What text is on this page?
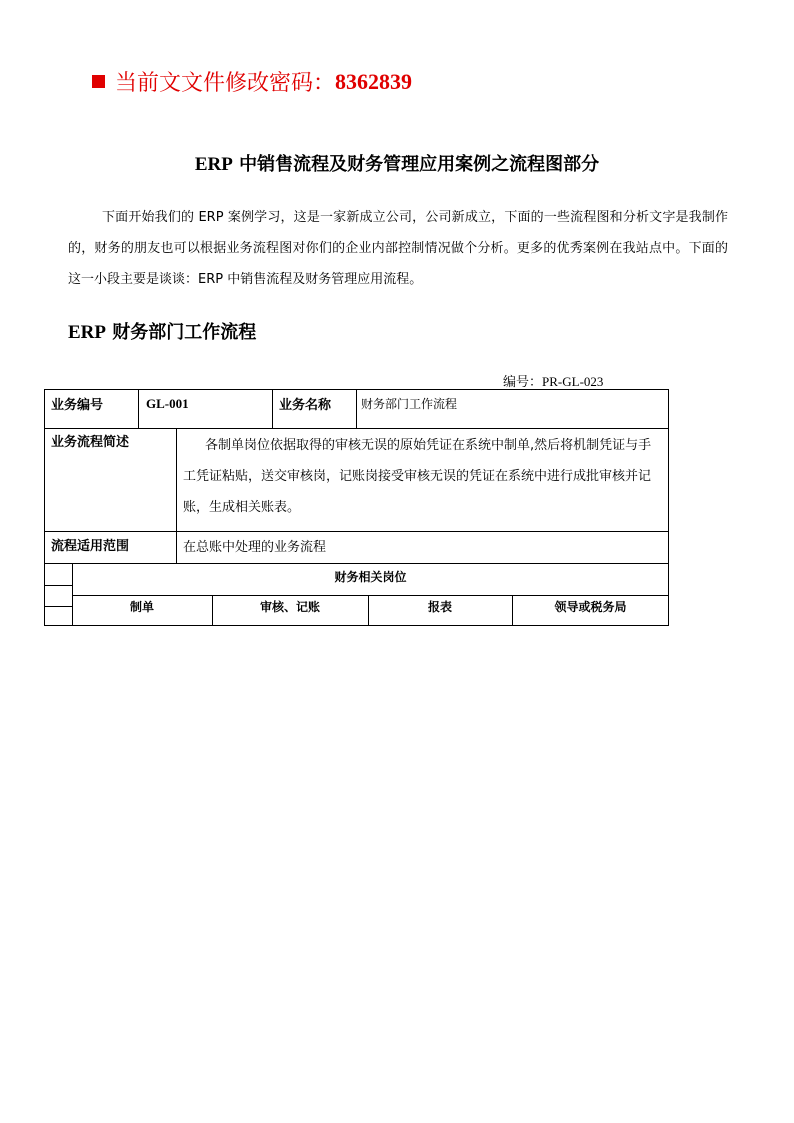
当前文文件修改密码： 8362839
ERP 中销售流程及财务管理应用案例之流程图部分
下面开始我们的 ERP 案例学习，这是一家新成立公司，公司新成立，下面的一些流程图和分析文字是我制作的，财务的朋友也可以根据业务流程图对你们的企业内部控制情况做个分析。更多的优秀案例在我站点中。下面的这一小段主要是谈谈：ERP 中销售流程及财务管理应用流程。
ERP 财务部门工作流程
编号：PR-GL-023
业务编号	GL-001	业务名称 财务部门工作流程
业务流程简述	各制单岗位依据取得的审核无误的原始凭证在系统中制单,然后将机制凭证与手工凭证粘贴，送交审核岗，记账岗接受审核无误的凭证在系统中进行成批审核并记账，生成相关账表。
流程适用范围	在总账中处理的业务流程
财务相关岗位
制单	审核、记账	报表	领导或税务局
